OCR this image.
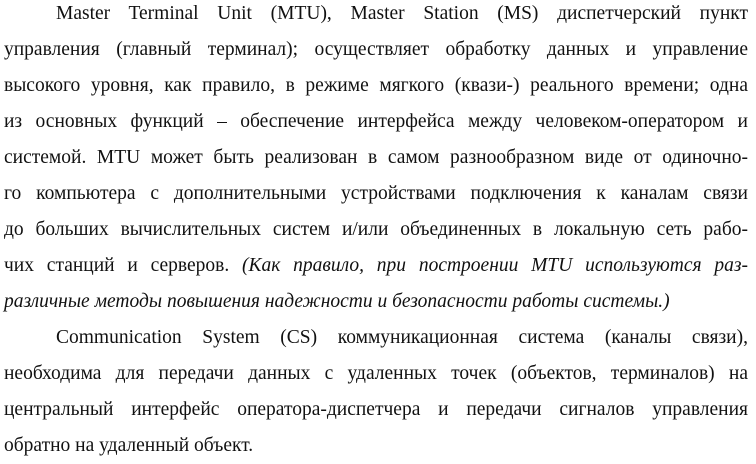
Master Terminal Unit (MTU), Master Station (MS) диспетчерский пункт
управления (главный терминал); осуществляет обработку данных и управление
высокого уровня, как правило, в режиме мягкого (квази-) реального времени; одна
из основных функций – обеспечение интерфейса между человеком-оператором и
системой. MTU может быть реализован в самом разнообразном виде от одиночно-
го компьютера с дополнительными устройствами подключения к каналам связи
до больших вычислительных систем и/или объединенных в локальную сеть рабо-
чих станций и серверов. (Как правило, при построении MTU используются раз-
различные методы повышения надежности и безопасности работы системы.)
Communication System (CS) коммуникационная система (каналы связи),
необходима для передачи данных с удаленных точек (объектов, терминалов) на
центральный интерфейс оператора-диспетчера и передачи сигналов управления
обратно на удаленный объект.
